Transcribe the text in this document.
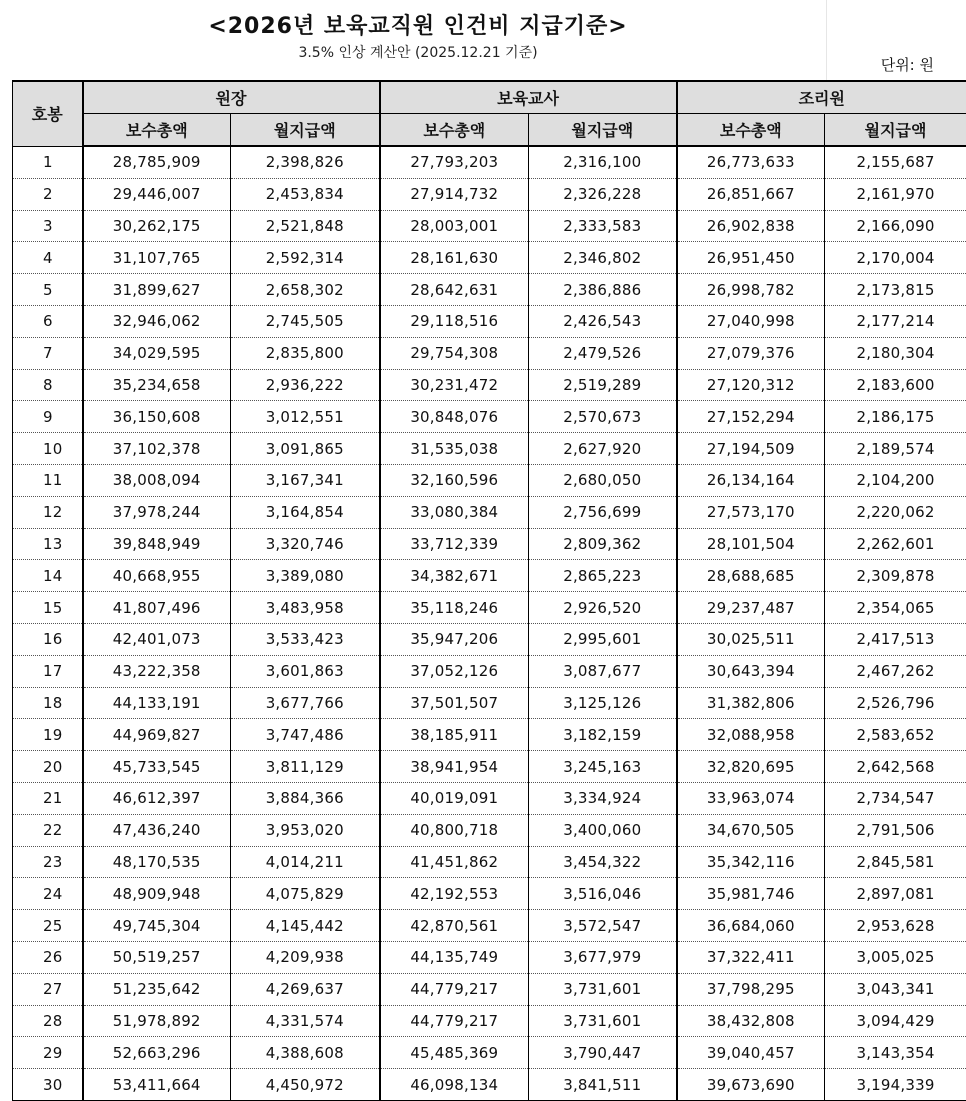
<2026년 보육교직원 인건비 지급기준>
3.5% 인상 계산안 (2025.12.21 기준)
단위: 원
호봉	원장		보육교사		조리원	
	보수총액	월지급액	보수총액	월지급액	보수총액	월지급액
1	28,785,909	2,398,826	27,793,203	2,316,100	26,773,633	2,155,687
2	29,446,007	2,453,834	27,914,732	2,326,228	26,851,667	2,161,970
3	30,262,175	2,521,848	28,003,001	2,333,583	26,902,838	2,166,090
4	31,107,765	2,592,314	28,161,630	2,346,802	26,951,450	2,170,004
5	31,899,627	2,658,302	28,642,631	2,386,886	26,998,782	2,173,815
6	32,946,062	2,745,505	29,118,516	2,426,543	27,040,998	2,177,214
7	34,029,595	2,835,800	29,754,308	2,479,526	27,079,376	2,180,304
8	35,234,658	2,936,222	30,231,472	2,519,289	27,120,312	2,183,600
9	36,150,608	3,012,551	30,848,076	2,570,673	27,152,294	2,186,175
10	37,102,378	3,091,865	31,535,038	2,627,920	27,194,509	2,189,574
11	38,008,094	3,167,341	32,160,596	2,680,050	26,134,164	2,104,200
12	37,978,244	3,164,854	33,080,384	2,756,699	27,573,170	2,220,062
13	39,848,949	3,320,746	33,712,339	2,809,362	28,101,504	2,262,601
14	40,668,955	3,389,080	34,382,671	2,865,223	28,688,685	2,309,878
15	41,807,496	3,483,958	35,118,246	2,926,520	29,237,487	2,354,065
16	42,401,073	3,533,423	35,947,206	2,995,601	30,025,511	2,417,513
17	43,222,358	3,601,863	37,052,126	3,087,677	30,643,394	2,467,262
18	44,133,191	3,677,766	37,501,507	3,125,126	31,382,806	2,526,796
19	44,969,827	3,747,486	38,185,911	3,182,159	32,088,958	2,583,652
20	45,733,545	3,811,129	38,941,954	3,245,163	32,820,695	2,642,568
21	46,612,397	3,884,366	40,019,091	3,334,924	33,963,074	2,734,547
22	47,436,240	3,953,020	40,800,718	3,400,060	34,670,505	2,791,506
23	48,170,535	4,014,211	41,451,862	3,454,322	35,342,116	2,845,581
24	48,909,948	4,075,829	42,192,553	3,516,046	35,981,746	2,897,081
25	49,745,304	4,145,442	42,870,561	3,572,547	36,684,060	2,953,628
26	50,519,257	4,209,938	44,135,749	3,677,979	37,322,411	3,005,025
27	51,235,642	4,269,637	44,779,217	3,731,601	37,798,295	3,043,341
28	51,978,892	4,331,574	44,779,217	3,731,601	38,432,808	3,094,429
29	52,663,296	4,388,608	45,485,369	3,790,447	39,040,457	3,143,354
30	53,411,664	4,450,972	46,098,134	3,841,511	39,673,690	3,194,339
